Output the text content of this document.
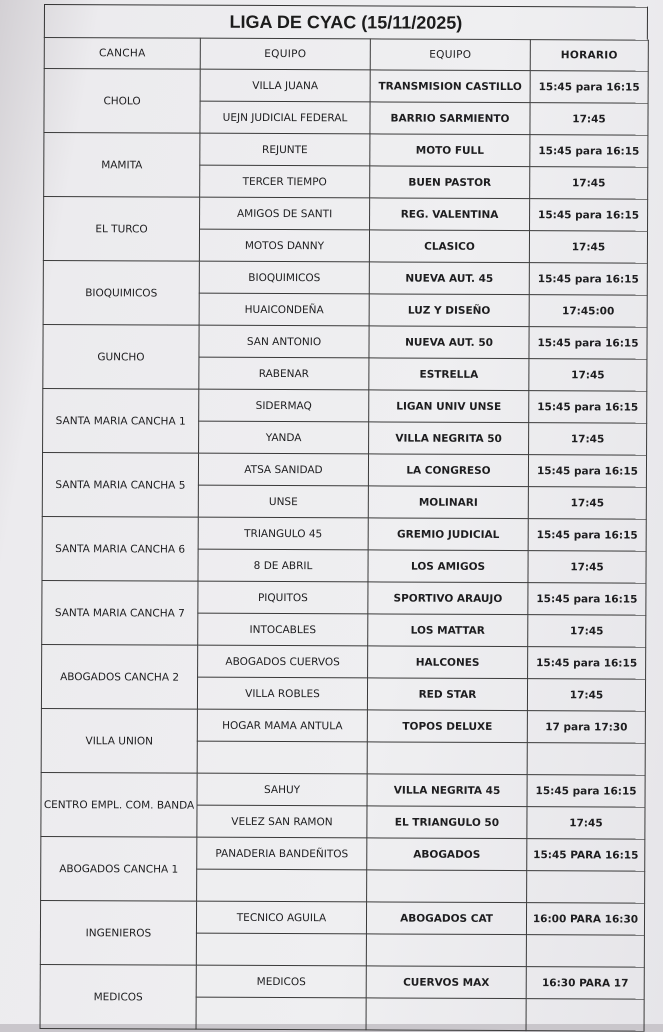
LIGA DE CYAC (15/11/2025)
CANCHA	EQUIPO	EQUIPO	HORARIO
CHOLO	VILLA JUANA	TRANSMISION CASTILLO	15:45 para 16:15
	UEJN JUDICIAL FEDERAL	BARRIO SARMIENTO	17:45
MAMITA	REJUNTE	MOTO FULL	15:45 para 16:15
	TERCER TIEMPO	BUEN PASTOR	17:45
EL TURCO	AMIGOS DE SANTI	REG. VALENTINA	15:45 para 16:15
	MOTOS DANNY	CLASICO	17:45
BIOQUIMICOS	BIOQUIMICOS	NUEVA AUT. 45	15:45 para 16:15
	HUAICONDEÑA	LUZ Y DISEÑO	17:45:00
GUNCHO	SAN ANTONIO	NUEVA AUT. 50	15:45 para 16:15
	RABENAR	ESTRELLA	17:45
SANTA MARIA CANCHA 1	SIDERMAQ	LIGAN UNIV UNSE	15:45 para 16:15
	YANDA	VILLA NEGRITA 50	17:45
SANTA MARIA CANCHA 5	ATSA SANIDAD	LA CONGRESO	15:45 para 16:15
	UNSE	MOLINARI	17:45
SANTA MARIA CANCHA 6	TRIANGULO 45	GREMIO JUDICIAL	15:45 para 16:15
	8 DE ABRIL	LOS AMIGOS	17:45
SANTA MARIA CANCHA 7	PIQUITOS	SPORTIVO ARAUJO	15:45 para 16:15
	INTOCABLES	LOS MATTAR	17:45
ABOGADOS CANCHA 2	ABOGADOS CUERVOS	HALCONES	15:45 para 16:15
	VILLA ROBLES	RED STAR	17:45
VILLA UNION	HOGAR MAMA ANTULA	TOPOS DELUXE	17 para 17:30

CENTRO EMPL. COM. BANDA	SAHUY	VILLA NEGRITA 45	15:45 para 16:15
	VELEZ SAN RAMON	EL TRIANGULO 50	17:45
ABOGADOS CANCHA 1	PANADERIA BANDEÑITOS	ABOGADOS	15:45 PARA 16:15

INGENIEROS	TECNICO AGUILA	ABOGADOS CAT	16:00 PARA 16:30

MEDICOS	MEDICOS	CUERVOS MAX	16:30 PARA 17
